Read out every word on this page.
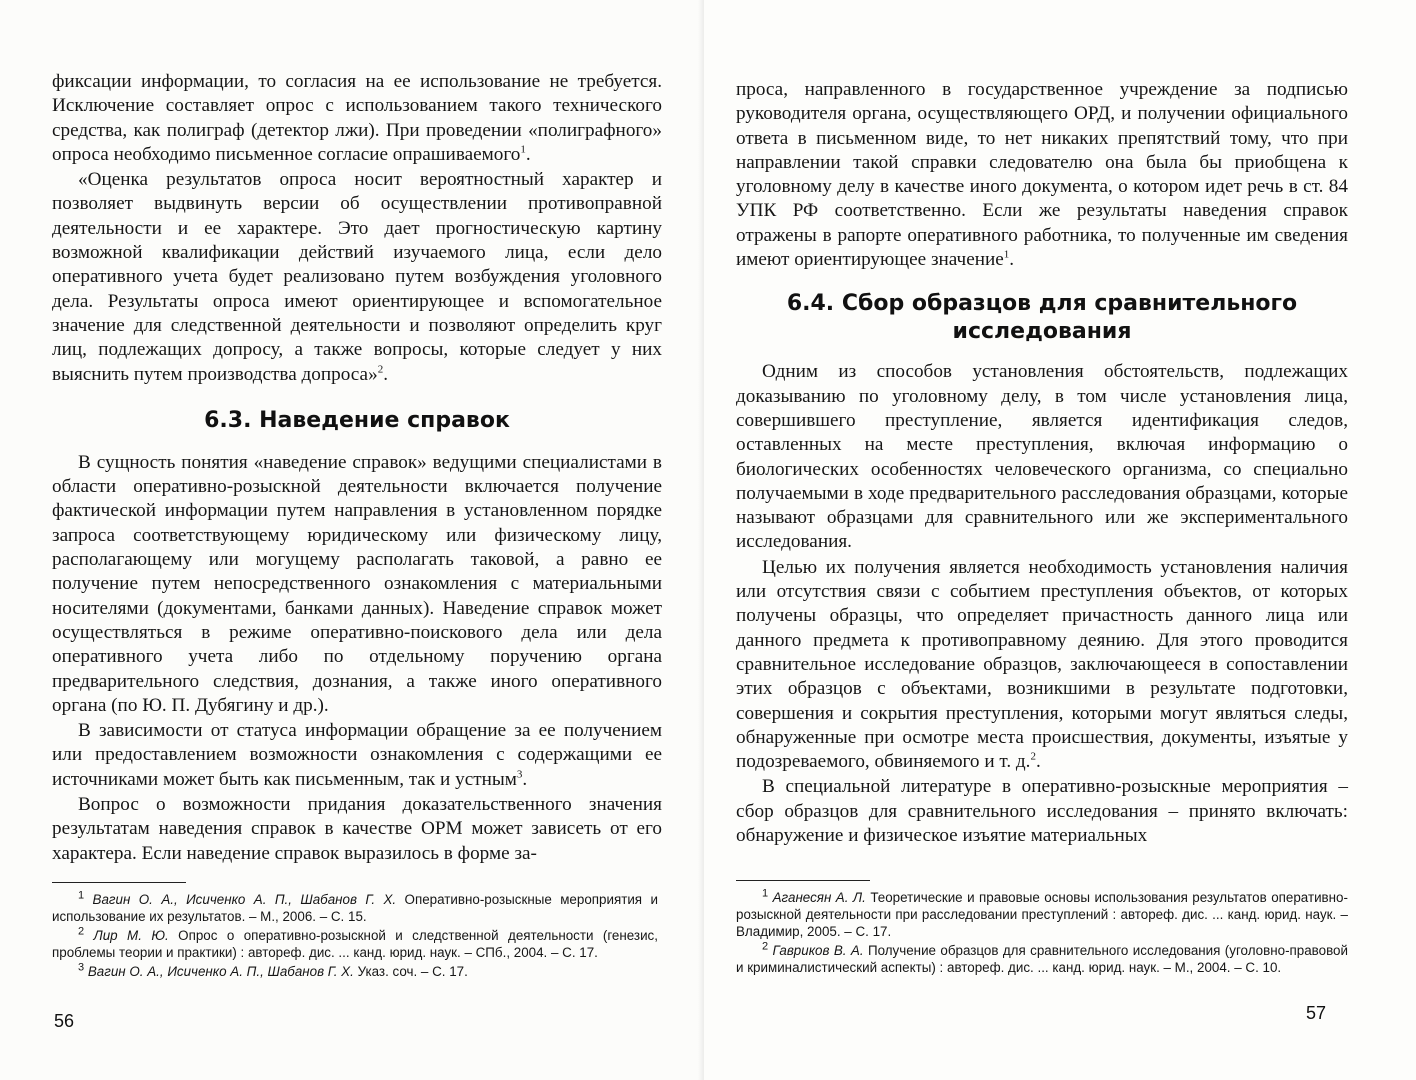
фиксации информации, то согласия на ее использование не требуется. Исключение составляет опрос с использованием такого технического средства, как полиграф (детектор лжи). При проведении «полиграфного» опроса необходимо письменное согласие опрашиваемого$^1$.

«Оценка результатов опроса носит вероятностный характер и позволяет выдвинуть версии об осуществлении противоправной деятельности и ее характере. Это дает прогностическую картину возможной квалификации действий изучаемого лица, если дело оперативного учета будет реализовано путем возбуждения уголовного дела. Результаты опроса имеют ориентирующее и вспомогательное значение для следственной деятельности и позволяют определить круг лиц, подлежащих допросу, а также вопросы, которые следует у них выяснить путем производства допроса»$^2$.

6.3. Наведение справок

В сущность понятия «наведение справок» ведущими специалистами в области оперативно-розыскной деятельности включается получение фактической информации путем направления в установленном порядке запроса соответствующему юридическому или физическому лицу, располагающему или могущему располагать таковой, а равно ее получение путем непосредственного ознакомления с материальными носителями (документами, банками данных). Наведение справок может осуществляться в режиме оперативно-поискового дела или дела оперативного учета либо по отдельному поручению органа предварительного следствия, дознания, а также иного оперативного органа (по Ю. П. Дубягину и др.).

В зависимости от статуса информации обращение за ее получением или предоставлением возможности ознакомления с содержащими ее источниками может быть как письменным, так и устным$^3$.

Вопрос о возможности придания доказательственного значения результатам наведения справок в качестве ОРМ может зависеть от его характера. Если наведение справок выразилось в форме за-

$^1$ Вагин О. А., Исиченко А. П., Шабанов Г. Х. Оперативно-розыскные мероприятия и использование их результатов. – М., 2006. – С. 15.

$^2$ Лир М. Ю. Опрос о оперативно-розыскной и следственной деятельности (генезис, проблемы теории и практики) : автореф. дис. ... канд. юрид. наук. – СПб., 2004. – С. 17.

$^3$ Вагин О. А., Исиченко А. П., Шабанов Г. Х. Указ. соч. – С. 17.

56

проса, направленного в государственное учреждение за подписью руководителя органа, осуществляющего ОРД, и получении официального ответа в письменном виде, то нет никаких препятствий тому, что при направлении такой справки следователю она была бы приобщена к уголовному делу в качестве иного документа, о котором идет речь в ст. 84 УПК РФ соответственно. Если же результаты наведения справок отражены в рапорте оперативного работника, то полученные им сведения имеют ориентирующее значение$^1$.

6.4. Сбор образцов для сравнительного
исследования

Одним из способов установления обстоятельств, подлежащих доказыванию по уголовному делу, в том числе установления лица, совершившего преступление, является идентификация следов, оставленных на месте преступления, включая информацию о биологических особенностях человеческого организма, со специально получаемыми в ходе предварительного расследования образцами, которые называют образцами для сравнительного или же экспериментального исследования.

Целью их получения является необходимость установления наличия или отсутствия связи с событием преступления объектов, от которых получены образцы, что определяет причастность данного лица или данного предмета к противоправному деянию. Для этого проводится сравнительное исследование образцов, заключающееся в сопоставлении этих образцов с объектами, возникшими в результате подготовки, совершения и сокрытия преступления, которыми могут являться следы, обнаруженные при осмотре места происшествия, документы, изъятые у подозреваемого, обвиняемого и т. д.$^2$.

В специальной литературе в оперативно-розыскные мероприятия – сбор образцов для сравнительного исследования – принято включать: обнаружение и физическое изъятие материальных

$^1$ Аганесян А. Л. Теоретические и правовые основы использования результатов оперативно-розыскной деятельности при расследовании преступлений : автореф. дис. ... канд. юрид. наук. – Владимир, 2005. – С. 17.

$^2$ Гавриков В. А. Получение образцов для сравнительного исследования (уголовно-правовой и криминалистический аспекты) : автореф. дис. ... канд. юрид. наук. – М., 2004. – С. 10.

57
